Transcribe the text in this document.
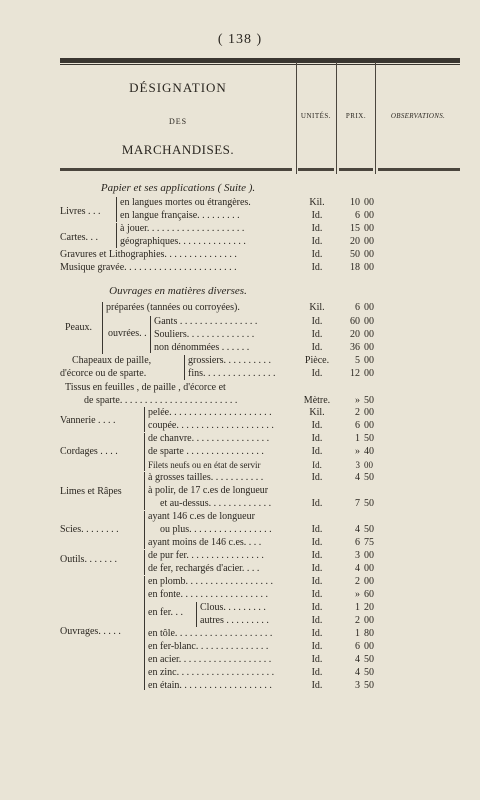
( 138 )
DÉSIGNATION
DES
MARCHANDISES.
UNITÉS.	PRIX.	OBSERVATIONS.
Papier et ses applications ( Suite ).
Livres . . .
en langues mortes ou étrangères.	Kil.	10 00
en langue française. . . . . . . . .	Id.	6 00
Cartes. . .
à jouer. . . . . . . . . . . . . . . . . . . .	Id.	15 00
géographiques. . . . . . . . . . . . . .	Id.	20 00
Gravures et Lithographies. . . . . . . . . . . . . . .	Id.	50 00
Musique gravée. . . . . . . . . . . . . . . . . . . . . . .	Id.	18 00
Ouvrages en matières diverses.
Peaux.
préparées (tannées ou corroyées).	Kil.	6 00
ouvrées. .
Gants . . . . . . . . . . . . . . . .	Id.	60 00
Souliers. . . . . . . . . . . . . .	Id.	20 00
non dénommées . . . . . .	Id.	36 00
Chapeaux de paille,	grossiers. . . . . . . . . .	Pièce.	5 00
d'écorce ou de sparte.	fins. . . . . . . . . . . . . . .	Id.	12 00
Tissus en feuilles , de paille , d'écorce et
de sparte. . . . . . . . . . . . . . . . . . . . . . . .	Mètre.	» 50
Vannerie . . . .
pelée. . . . . . . . . . . . . . . . . . . . .	Kil.	2 00
coupée. . . . . . . . . . . . . . . . . . . .	Id.	6 00
Cordages . . . .
de chanvre. . . . . . . . . . . . . . . .	Id.	1 50
de sparte . . . . . . . . . . . . . . . .	Id.	» 40
Filets neufs ou en état de servir	Id.	3 00
Limes et Râpes
à grosses tailles. . . . . . . . . . .	Id.	4 50
à polir, de 17 c.es de longueur
et au-dessus. . . . . . . . . . . . .	Id.	7 50
Scies. . . . . . . .
ayant 146 c.es de longueur
ou plus. . . . . . . . . . . . . . . . .	Id.	4 50
ayant moins de 146 c.es. . . .	Id.	6 75
Outils. . . . . . .	de pur fer. . . . . . . . . . . . . . . .	Id.	3 00
de fer, rechargés d'acier. . . .	Id.	4 00
Ouvrages. . . . .
en plomb. . . . . . . . . . . . . . . . . .	Id.	2 00
en fonte. . . . . . . . . . . . . . . . . .	Id.	» 60
en fer. . . Clous. . . . . . . . .	Id.	1 20
autres . . . . . . . . .	Id.	2 00
en tôle. . . . . . . . . . . . . . . . . . . .	Id.	1 80
en fer-blanc. . . . . . . . . . . . . . .	Id.	6 00
en acier. . . . . . . . . . . . . . . . . . .	Id.	4 50
en zinc. . . . . . . . . . . . . . . . . . . .	Id.	4 50
en étain. . . . . . . . . . . . . . . . . . .	Id.	3 50
